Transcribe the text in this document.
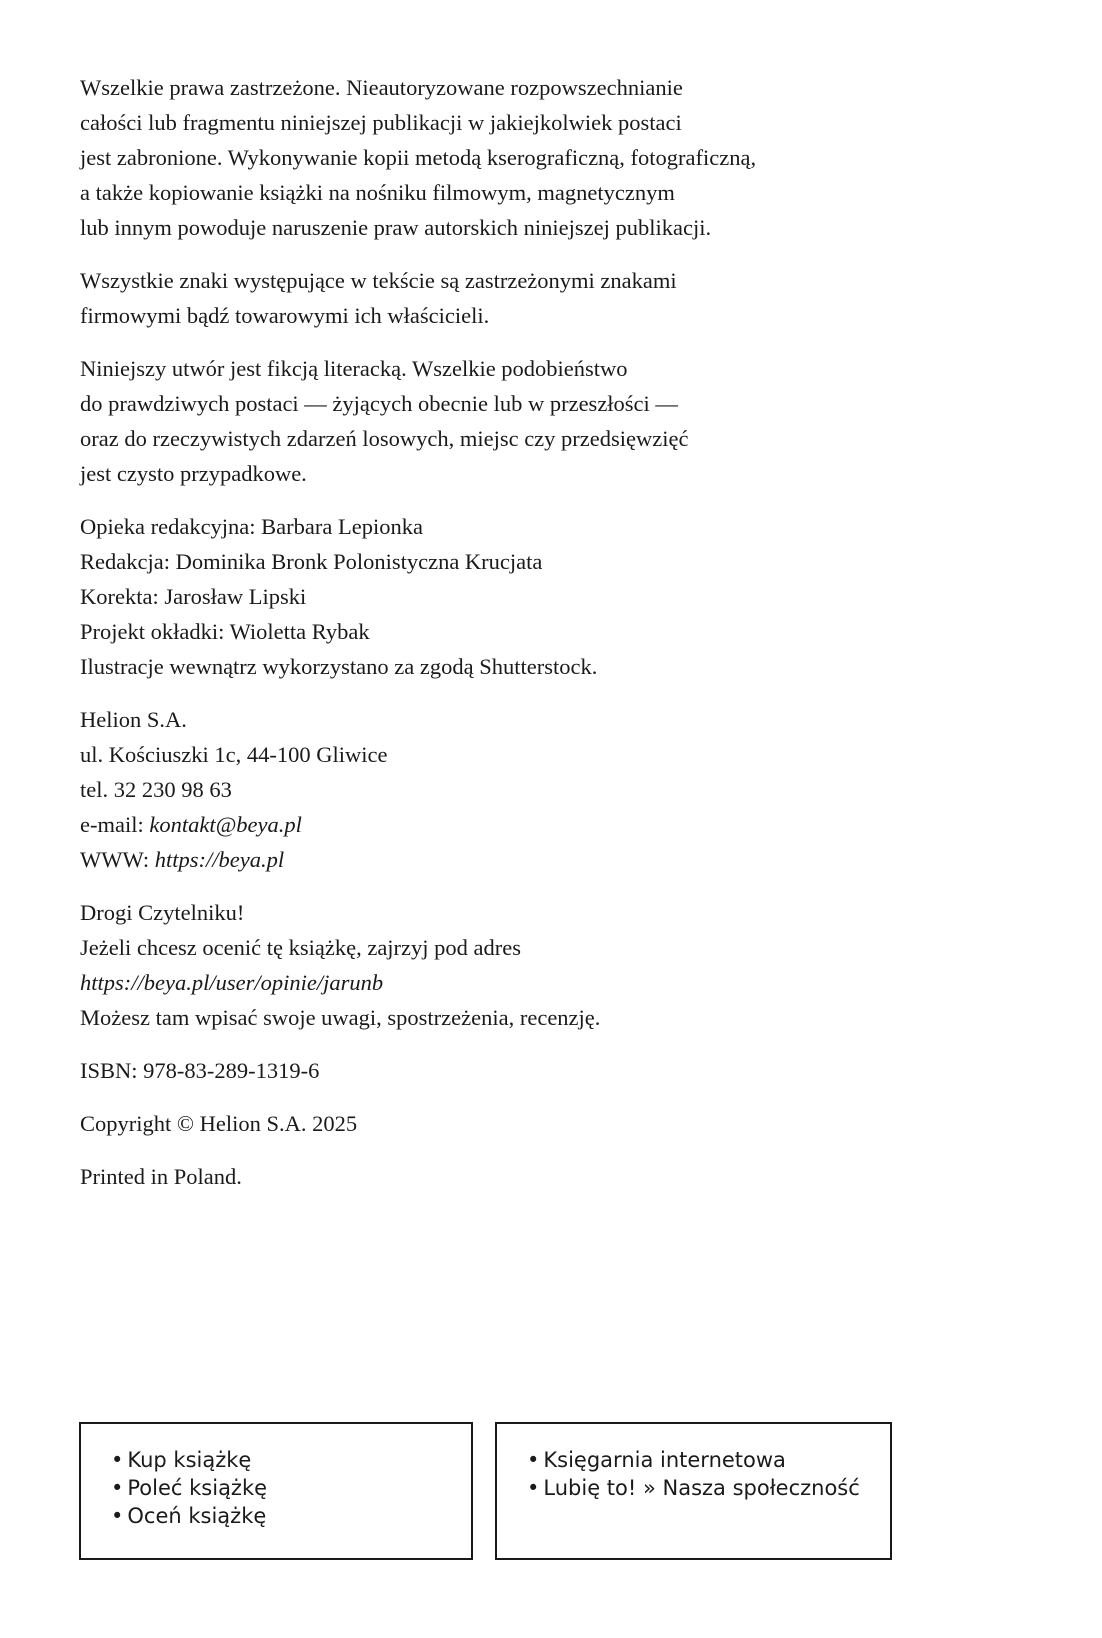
Wszelkie prawa zastrzeżone. Nieautoryzowane rozpowszechnianie
całości lub fragmentu niniejszej publikacji w jakiejkolwiek postaci
jest zabronione. Wykonywanie kopii metodą kserograficzną, fotograficzną,
a także kopiowanie książki na nośniku filmowym, magnetycznym
lub innym powoduje naruszenie praw autorskich niniejszej publikacji.

Wszystkie znaki występujące w tekście są zastrzeżonymi znakami
firmowymi bądź towarowymi ich właścicieli.

Niniejszy utwór jest fikcją literacką. Wszelkie podobieństwo
do prawdziwych postaci — żyjących obecnie lub w przeszłości —
oraz do rzeczywistych zdarzeń losowych, miejsc czy przedsięwzięć
jest czysto przypadkowe.

Opieka redakcyjna: Barbara Lepionka
Redakcja: Dominika Bronk Polonistyczna Krucjata
Korekta: Jarosław Lipski
Projekt okładki: Wioletta Rybak
Ilustracje wewnątrz wykorzystano za zgodą Shutterstock.

Helion S.A.
ul. Kościuszki 1c, 44-100 Gliwice
tel. 32 230 98 63
e-mail: kontakt@beya.pl
WWW: https://beya.pl

Drogi Czytelniku!
Jeżeli chcesz ocenić tę książkę, zajrzyj pod adres
https://beya.pl/user/opinie/jarunb
Możesz tam wpisać swoje uwagi, spostrzeżenia, recenzję.

ISBN: 978-83-289-1319-6

Copyright © Helion S.A. 2025

Printed in Poland.

• Kup książkę
• Poleć książkę
• Oceń książkę
• Księgarnia internetowa
• Lubię to! » Nasza społeczność
